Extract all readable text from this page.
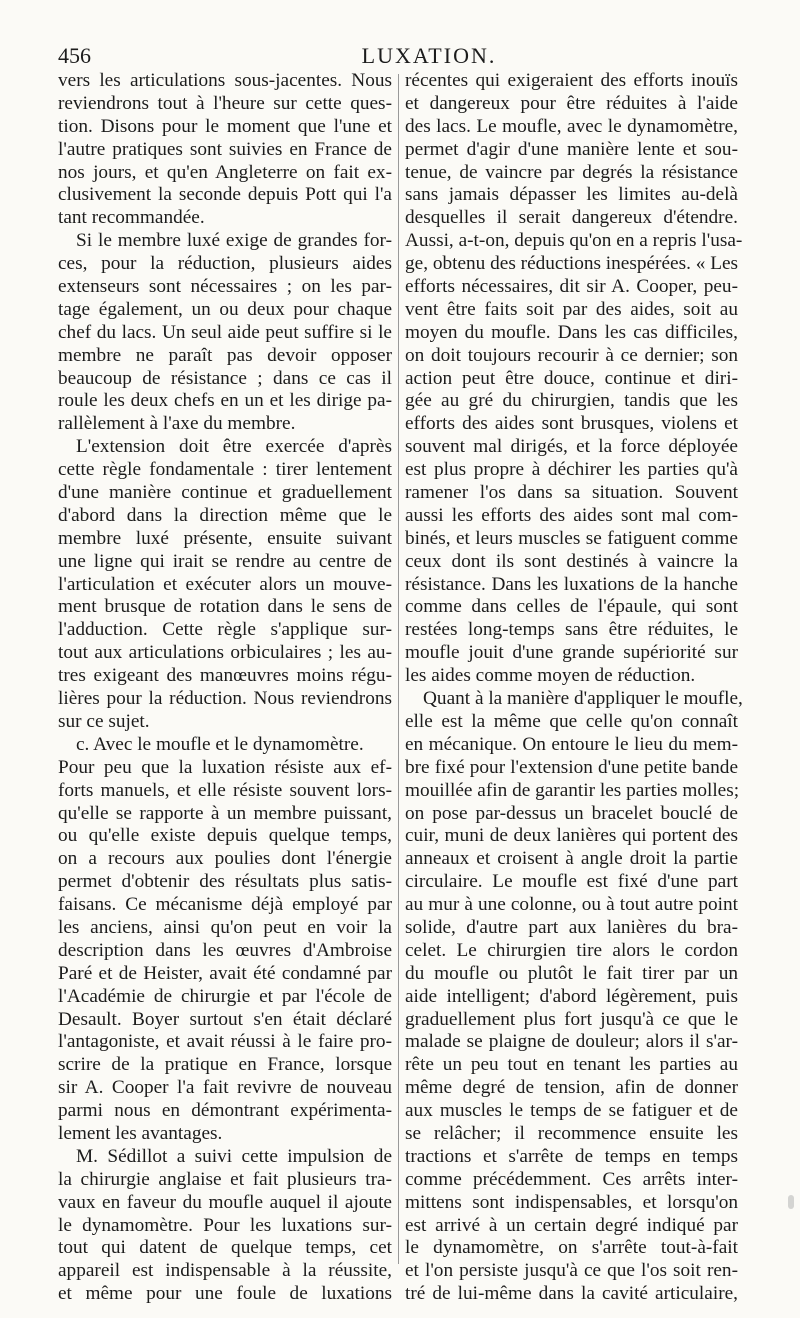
456	LUXATION.
vers les articulations sous-jacentes. Nous
reviendrons tout à l'heure sur cette ques-
tion. Disons pour le moment que l'une et
l'autre pratiques sont suivies en France de
nos jours, et qu'en Angleterre on fait ex-
clusivement la seconde depuis Pott qui l'a
tant recommandée.
Si le membre luxé exige de grandes for-
ces, pour la réduction, plusieurs aides
extenseurs sont nécessaires ; on les par-
tage également, un ou deux pour chaque
chef du lacs. Un seul aide peut suffire si le
membre ne paraît pas devoir opposer
beaucoup de résistance ; dans ce cas il
roule les deux chefs en un et les dirige pa-
rallèlement à l'axe du membre.
L'extension doit être exercée d'après
cette règle fondamentale : tirer lentement
d'une manière continue et graduellement
d'abord dans la direction même que le
membre luxé présente, ensuite suivant
une ligne qui irait se rendre au centre de
l'articulation et exécuter alors un mouve-
ment brusque de rotation dans le sens de
l'adduction. Cette règle s'applique sur-
tout aux articulations orbiculaires ; les au-
tres exigeant des manœuvres moins régu-
lières pour la réduction. Nous reviendrons
sur ce sujet.
c. Avec le moufle et le dynamomètre.
Pour peu que la luxation résiste aux ef-
forts manuels, et elle résiste souvent lors-
qu'elle se rapporte à un membre puissant,
ou qu'elle existe depuis quelque temps,
on a recours aux poulies dont l'énergie
permet d'obtenir des résultats plus satis-
faisans. Ce mécanisme déjà employé par
les anciens, ainsi qu'on peut en voir la
description dans les œuvres d'Ambroise
Paré et de Heister, avait été condamné par
l'Académie de chirurgie et par l'école de
Desault. Boyer surtout s'en était déclaré
l'antagoniste, et avait réussi à le faire pro-
scrire de la pratique en France, lorsque
sir A. Cooper l'a fait revivre de nouveau
parmi nous en démontrant expérimenta-
lement les avantages.
M. Sédillot a suivi cette impulsion de
la chirurgie anglaise et fait plusieurs tra-
vaux en faveur du moufle auquel il ajoute
le dynamomètre. Pour les luxations sur-
tout qui datent de quelque temps, cet
appareil est indispensable à la réussite,
et même pour une foule de luxations
récentes qui exigeraient des efforts inouïs
et dangereux pour être réduites à l'aide
des lacs. Le moufle, avec le dynamomètre,
permet d'agir d'une manière lente et sou-
tenue, de vaincre par degrés la résistance
sans jamais dépasser les limites au-delà
desquelles il serait dangereux d'étendre.
Aussi, a-t-on, depuis qu'on en a repris l'usa-
ge, obtenu des réductions inespérées. « Les
efforts nécessaires, dit sir A. Cooper, peu-
vent être faits soit par des aides, soit au
moyen du moufle. Dans les cas difficiles,
on doit toujours recourir à ce dernier; son
action peut être douce, continue et diri-
gée au gré du chirurgien, tandis que les
efforts des aides sont brusques, violens et
souvent mal dirigés, et la force déployée
est plus propre à déchirer les parties qu'à
ramener l'os dans sa situation. Souvent
aussi les efforts des aides sont mal com-
binés, et leurs muscles se fatiguent comme
ceux dont ils sont destinés à vaincre la
résistance. Dans les luxations de la hanche
comme dans celles de l'épaule, qui sont
restées long-temps sans être réduites, le
moufle jouit d'une grande supériorité sur
les aides comme moyen de réduction.
Quant à la manière d'appliquer le moufle,
elle est la même que celle qu'on connaît
en mécanique. On entoure le lieu du mem-
bre fixé pour l'extension d'une petite bande
mouillée afin de garantir les parties molles;
on pose par-dessus un bracelet bouclé de
cuir, muni de deux lanières qui portent des
anneaux et croisent à angle droit la partie
circulaire. Le moufle est fixé d'une part
au mur à une colonne, ou à tout autre point
solide, d'autre part aux lanières du bra-
celet. Le chirurgien tire alors le cordon
du moufle ou plutôt le fait tirer par un
aide intelligent; d'abord légèrement, puis
graduellement plus fort jusqu'à ce que le
malade se plaigne de douleur; alors il s'ar-
rête un peu tout en tenant les parties au
même degré de tension, afin de donner
aux muscles le temps de se fatiguer et de
se relâcher; il recommence ensuite les
tractions et s'arrête de temps en temps
comme précédemment. Ces arrêts inter-
mittens sont indispensables, et lorsqu'on
est arrivé à un certain degré indiqué par
le dynamomètre, on s'arrête tout-à-fait
et l'on persiste jusqu'à ce que l'os soit ren-
tré de lui-même dans la cavité articulaire,
